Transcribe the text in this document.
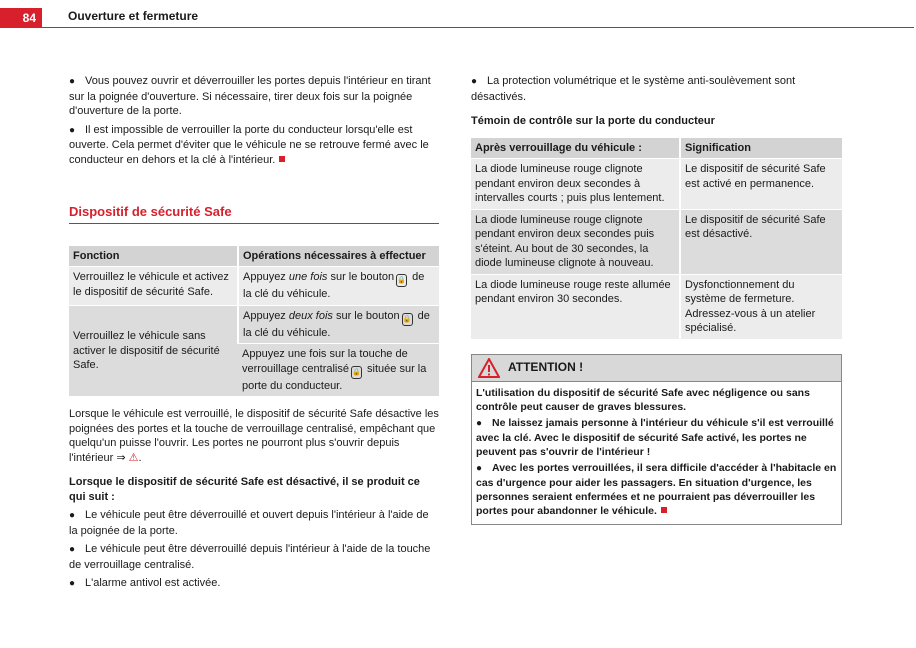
84	Ouverture et fermeture

● Vous pouvez ouvrir et déverrouiller les portes depuis l'intérieur en tirant sur la poignée d'ouverture. Si nécessaire, tirer deux fois sur la poignée d'ouverture de la porte.

● Il est impossible de verrouiller la porte du conducteur lorsqu'elle est ouverte. Cela permet d'éviter que le véhicule ne se retrouve fermé avec le conducteur en dehors et la clé à l'intérieur.

Dispositif de sécurité Safe
Fonction	Opérations nécessaires à effectuer
Verrouillez le véhicule et activez le dispositif de sécurité Safe.	Appuyez une fois sur le bouton 🔒 de la clé du véhicule.
Verrouillez le véhicule sans activer le dispositif de sécurité Safe.	Appuyez deux fois sur le bouton 🔒 de la clé du véhicule.
	Appuyez une fois sur la touche de verrouillage centralisé 🔒 située sur la porte du conducteur.

Lorsque le véhicule est verrouillé, le dispositif de sécurité Safe désactive les poignées des portes et la touche de verrouillage centralisé, empêchant que quelqu'un puisse l'ouvrir. Les portes ne pourront plus s'ouvrir depuis l'intérieur ⇒ ⚠.

Lorsque le dispositif de sécurité Safe est désactivé, il se produit ce qui suit :

● Le véhicule peut être déverrouillé et ouvert depuis l'intérieur à l'aide de la poignée de la porte.

● Le véhicule peut être déverrouillé depuis l'intérieur à l'aide de la touche de verrouillage centralisé.

● L'alarme antivol est activée.

● La protection volumétrique et le système anti-soulèvement sont désactivés.

Témoin de contrôle sur la porte du conducteur

Après verrouillage du véhicule :	Signification
La diode lumineuse rouge clignote pendant environ deux secondes à intervalles courts ; puis plus lentement.	Le dispositif de sécurité Safe est activé en permanence.
La diode lumineuse rouge clignote pendant environ deux secondes puis s'éteint. Au bout de 30 secondes, la diode lumineuse clignote à nouveau.	Le dispositif de sécurité Safe est désactivé.
La diode lumineuse rouge reste allumée pendant environ 30 secondes.	Dysfonctionnement du système de fermeture. Adressez-vous à un atelier spécialisé.
ATTENTION !

L'utilisation du dispositif de sécurité Safe avec négligence ou sans contrôle peut causer de graves blessures.

● Ne laissez jamais personne à l'intérieur du véhicule s'il est verrouillé avec la clé. Avec le dispositif de sécurité Safe activé, les portes ne peuvent pas s'ouvrir de l'intérieur !

● Avec les portes verrouillées, il sera difficile d'accéder à l'habitacle en cas d'urgence pour aider les passagers. En situation d'urgence, les personnes seraient enfermées et ne pourraient pas déverrouiller les portes pour abandonner le véhicule.
